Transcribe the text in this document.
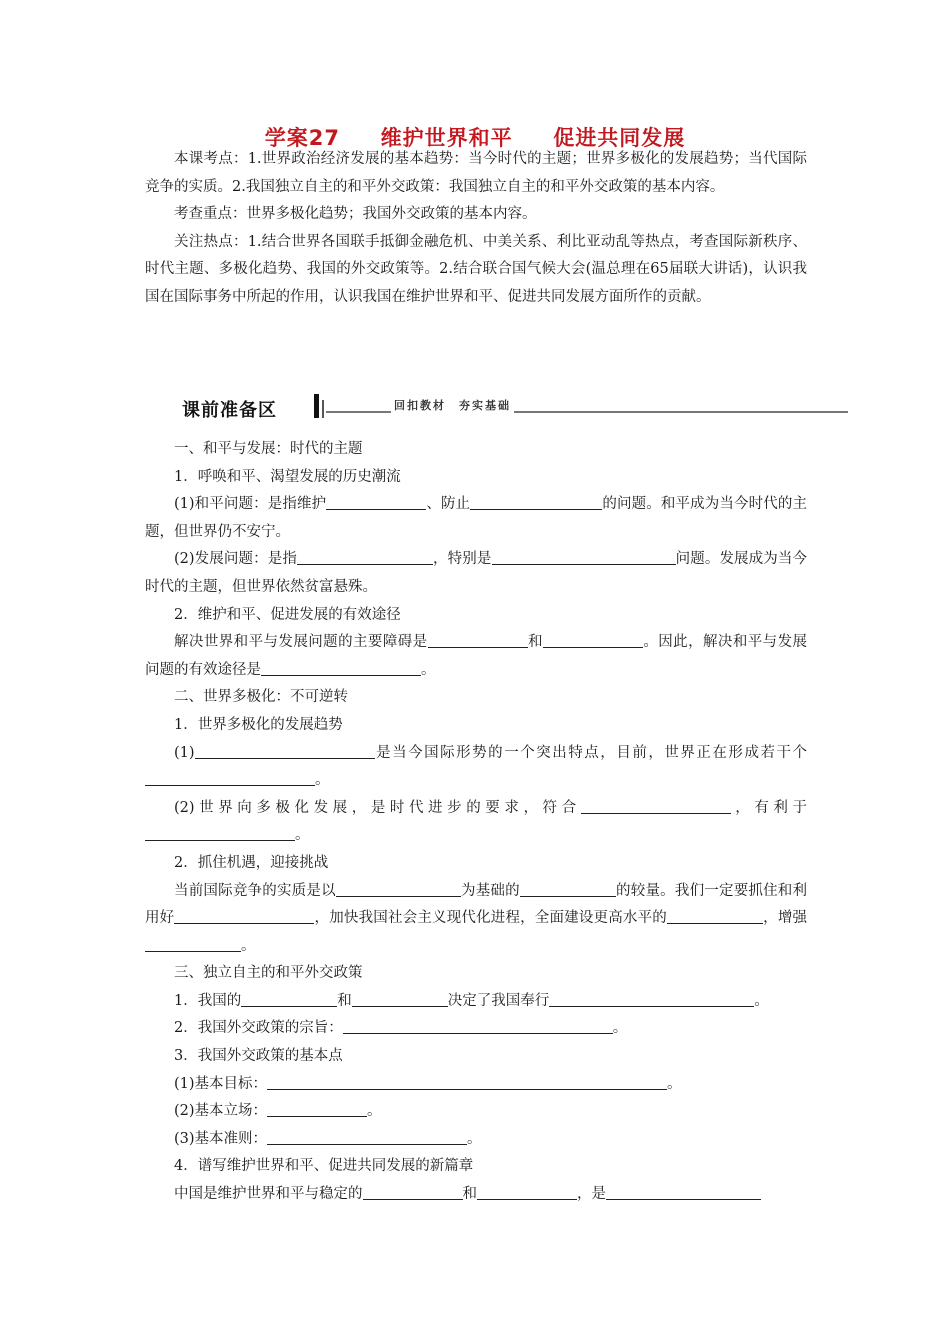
学案27 维护世界和平 促进共同发展

本课考点：1.世界政治经济发展的基本趋势：当今时代的主题；世界多极化的发展趋势；当代国际竞争的实质。2.我国独立自主的和平外交政策：我国独立自主的和平外交政策的基本内容。

考查重点：世界多极化趋势；我国外交政策的基本内容。

关注热点：1.结合世界各国联手抵御金融危机、中美关系、利比亚动乱等热点，考查国际新秩序、时代主题、多极化趋势、我国的外交政策等。2.结合联合国气候大会(温总理在65届联大讲话)，认识我国在国际事务中所起的作用，认识我国在维护世界和平、促进共同发展方面所作的贡献。

课前准备区	回扣教材　夯实基础

一、和平与发展：时代的主题

1．呼唤和平、渴望发展的历史潮流

(1)和平问题：是指维护	、防止	的问题。和平成为当今时代的主题，但世界仍不安宁。

(2)发展问题：是指	，特别是	问题。发展成为当今时代的主题，但世界依然贫富悬殊。

2．维护和平、促进发展的有效途径

解决世界和平与发展问题的主要障碍是	和	。因此，解决和平与发展问题的有效途径是	。

二、世界多极化：不可逆转

1．世界多极化的发展趋势

(1)	是当今国际形势的一个突出特点，目前，世界正在形成若干个。

(2)世界向多极化发展，是时代进步的要求，符合	，有利于。

2．抓住机遇，迎接挑战

当前国际竞争的实质是以	为基础的	的较量。我们一定要抓住和利用好	，加快我国社会主义现代化进程，全面建设更高水平的	，增强。

三、独立自主的和平外交政策

1．我国的	和	决定了我国奉行	。

2．我国外交政策的宗旨：	。

3．我国外交政策的基本点

(1)基本目标：	。

(2)基本立场：	。

(3)基本准则：	。

4．谱写维护世界和平、促进共同发展的新篇章

中国是维护世界和平与稳定的	和	，是
